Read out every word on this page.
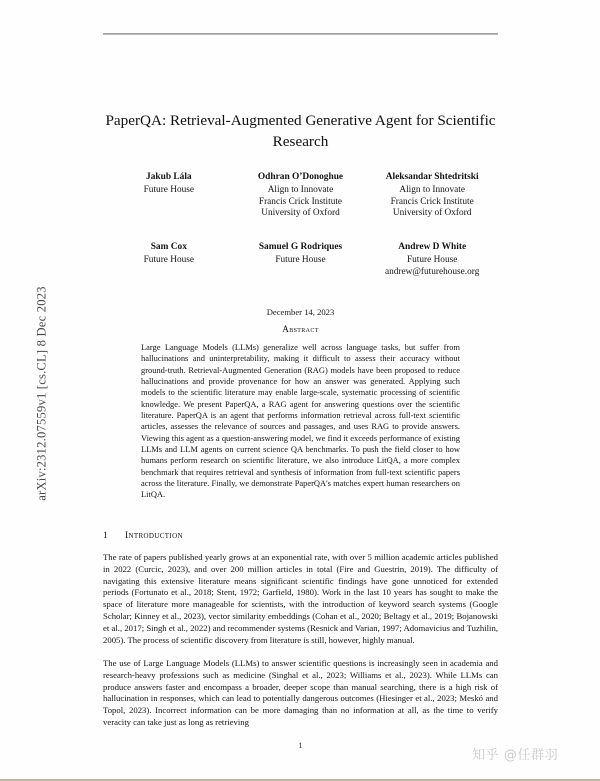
arXiv:2312.07559v1 [cs.CL] 8 Dec 2023
PaperQA: Retrieval-Augmented Generative Agent for Scientific Research
Jakub Lála
Future House
Odhran O’Donoghue
Align to Innovate
Francis Crick Institute
University of Oxford
Aleksandar Shtedritski
Align to Innovate
Francis Crick Institute
University of Oxford
Sam Cox
Future House
Samuel G Rodriques
Future House
Andrew D White
Future House
andrew@futurehouse.org
December 14, 2023
Abstract
Large Language Models (LLMs) generalize well across language tasks, but suffer from hallucinations and uninterpretability, making it difficult to assess their accuracy without ground-truth. Retrieval-Augmented Generation (RAG) models have been proposed to reduce hallucinations and provide provenance for how an answer was generated. Applying such models to the scientific literature may enable large-scale, systematic processing of scientific knowledge. We present PaperQA, a RAG agent for answering questions over the scientific literature. PaperQA is an agent that performs information retrieval across full-text scientific articles, assesses the relevance of sources and passages, and uses RAG to provide answers. Viewing this agent as a question-answering model, we find it exceeds performance of existing LLMs and LLM agents on current science QA benchmarks. To push the field closer to how humans perform research on scientific literature, we also introduce LitQA, a more complex benchmark that requires retrieval and synthesis of information from full-text scientific papers across the literature. Finally, we demonstrate PaperQA's matches expert human researchers on LitQA.
1 Introduction
The rate of papers published yearly grows at an exponential rate, with over 5 million academic articles published in 2022 (Curcic, 2023), and over 200 million articles in total (Fire and Guestrin, 2019). The difficulty of navigating this extensive literature means significant scientific findings have gone unnoticed for extended periods (Fortunato et al., 2018; Stent, 1972; Garfield, 1980). Work in the last 10 years has sought to make the space of literature more manageable for scientists, with the introduction of keyword search systems (Google Scholar; Kinney et al., 2023), vector similarity embeddings (Cohan et al., 2020; Beltagy et al., 2019; Bojanowski et al., 2017; Singh et al., 2022) and recommender systems (Resnick and Varian, 1997; Adomavicius and Tuzhilin, 2005). The process of scientific discovery from literature is still, however, highly manual.
The use of Large Language Models (LLMs) to answer scientific questions is increasingly seen in academia and research-heavy professions such as medicine (Singhal et al., 2023; Williams et al., 2023). While LLMs can produce answers faster and encompass a broader, deeper scope than manual searching, there is a high risk of hallucination in responses, which can lead to potentially dangerous outcomes (Hiesinger et al., 2023; Meskó and Topol, 2023). Incorrect information can be more damaging than no information at all, as the time to verify veracity can take just as long as retrieving
1
知乎 @任群羽
